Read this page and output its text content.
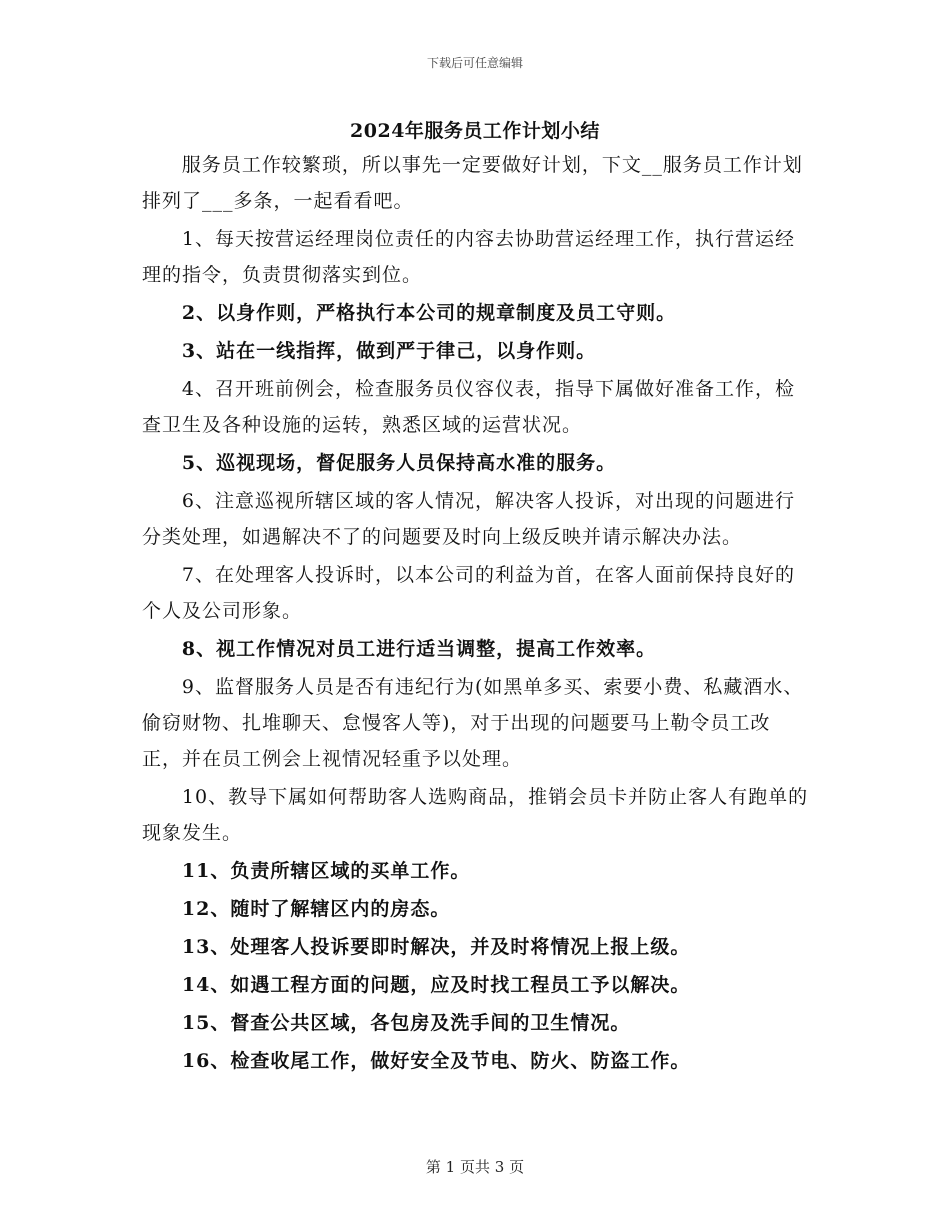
下载后可任意编辑
2024年服务员工作计划小结

服务员工作较繁琐，所以事先一定要做好计划，下文__服务员工作计划排列了___多条，一起看看吧。

1、每天按营运经理岗位责任的内容去协助营运经理工作，执行营运经理的指令，负责贯彻落实到位。

2、以身作则，严格执行本公司的规章制度及员工守则。

3、站在一线指挥，做到严于律己，以身作则。

4、召开班前例会，检查服务员仪容仪表，指导下属做好准备工作，检查卫生及各种设施的运转，熟悉区域的运营状况。

5、巡视现场，督促服务人员保持高水准的服务。

6、注意巡视所辖区域的客人情况，解决客人投诉，对出现的问题进行分类处理，如遇解决不了的问题要及时向上级反映并请示解决办法。

7、在处理客人投诉时，以本公司的利益为首，在客人面前保持良好的个人及公司形象。

8、视工作情况对员工进行适当调整，提高工作效率。

9、监督服务人员是否有违纪行为(如黑单多买、索要小费、私藏酒水、偷窃财物、扎堆聊天、怠慢客人等)，对于出现的问题要马上勒令员工改正，并在员工例会上视情况轻重予以处理。

10、教导下属如何帮助客人选购商品，推销会员卡并防止客人有跑单的现象发生。

11、负责所辖区域的买单工作。

12、随时了解辖区内的房态。

13、处理客人投诉要即时解决，并及时将情况上报上级。

14、如遇工程方面的问题，应及时找工程员工予以解决。

15、督查公共区域，各包房及洗手间的卫生情况。

16、检查收尾工作，做好安全及节电、防火、防盗工作。

第 1 页共 3 页
